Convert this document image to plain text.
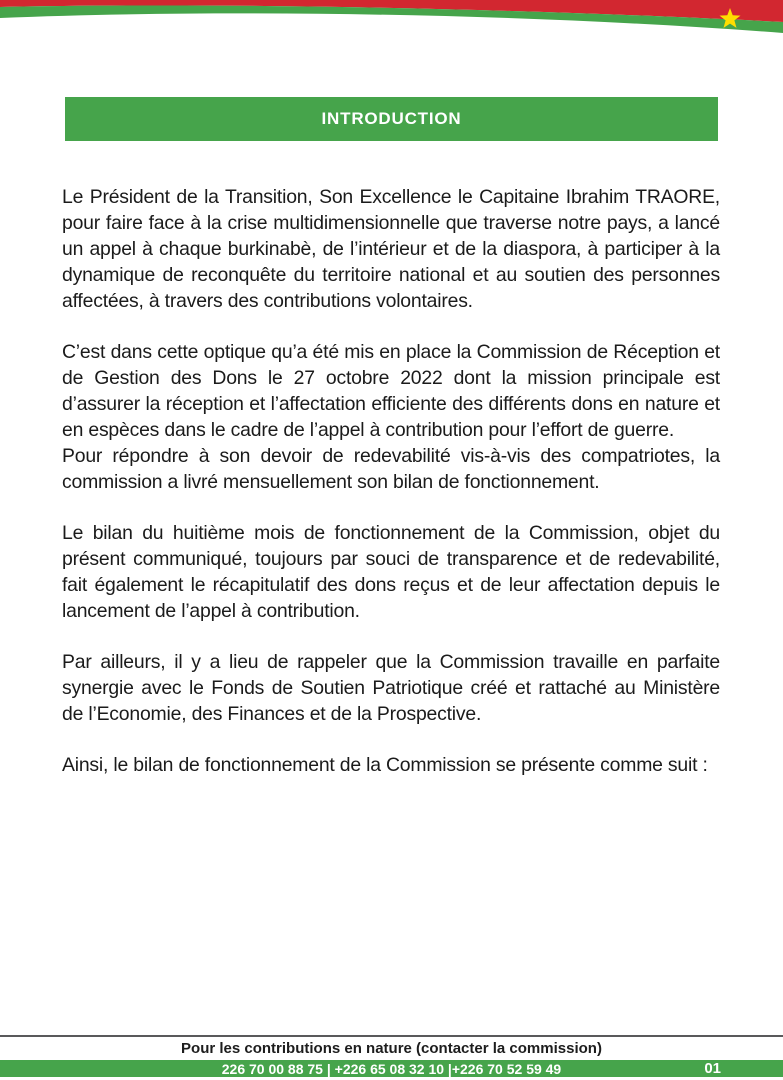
INTRODUCTION

Le Président de la Transition, Son Excellence le Capitaine Ibrahim TRAORE, pour faire face à la crise multidimensionnelle que traverse notre pays, a lancé un appel à chaque burkinabè, de l’intérieur et de la diaspora, à participer à la dynamique de reconquête du territoire national et au soutien des personnes affectées, à travers des contributions volontaires.

C’est dans cette optique qu’a été mis en place la Commission de Réception et de Gestion des Dons le 27 octobre 2022 dont la mission principale est d’assurer la réception et l’affectation efficiente des différents dons en nature et en espèces dans le cadre de l’appel à contribution pour l’effort de guerre.

Pour répondre à son devoir de redevabilité vis-à-vis des compatriotes, la commission a livré mensuellement son bilan de fonctionnement.

Le bilan du huitième mois de fonctionnement de la Commission, objet du présent communiqué, toujours par souci de transparence et de redevabilité, fait également le récapitulatif des dons reçus et de leur affectation depuis le lancement de l’appel à contribution.

Par ailleurs, il y a lieu de rappeler que la Commission travaille en parfaite synergie avec le Fonds de Soutien Patriotique créé et rattaché au Ministère de l’Economie, des Finances et de la Prospective.

Ainsi, le bilan de fonctionnement de la Commission se présente comme suit :

Pour les contributions en nature (contacter la commission)
226 70 00 88 75 | +226 65 08 32 10 |+226 70 52 59 49	01
